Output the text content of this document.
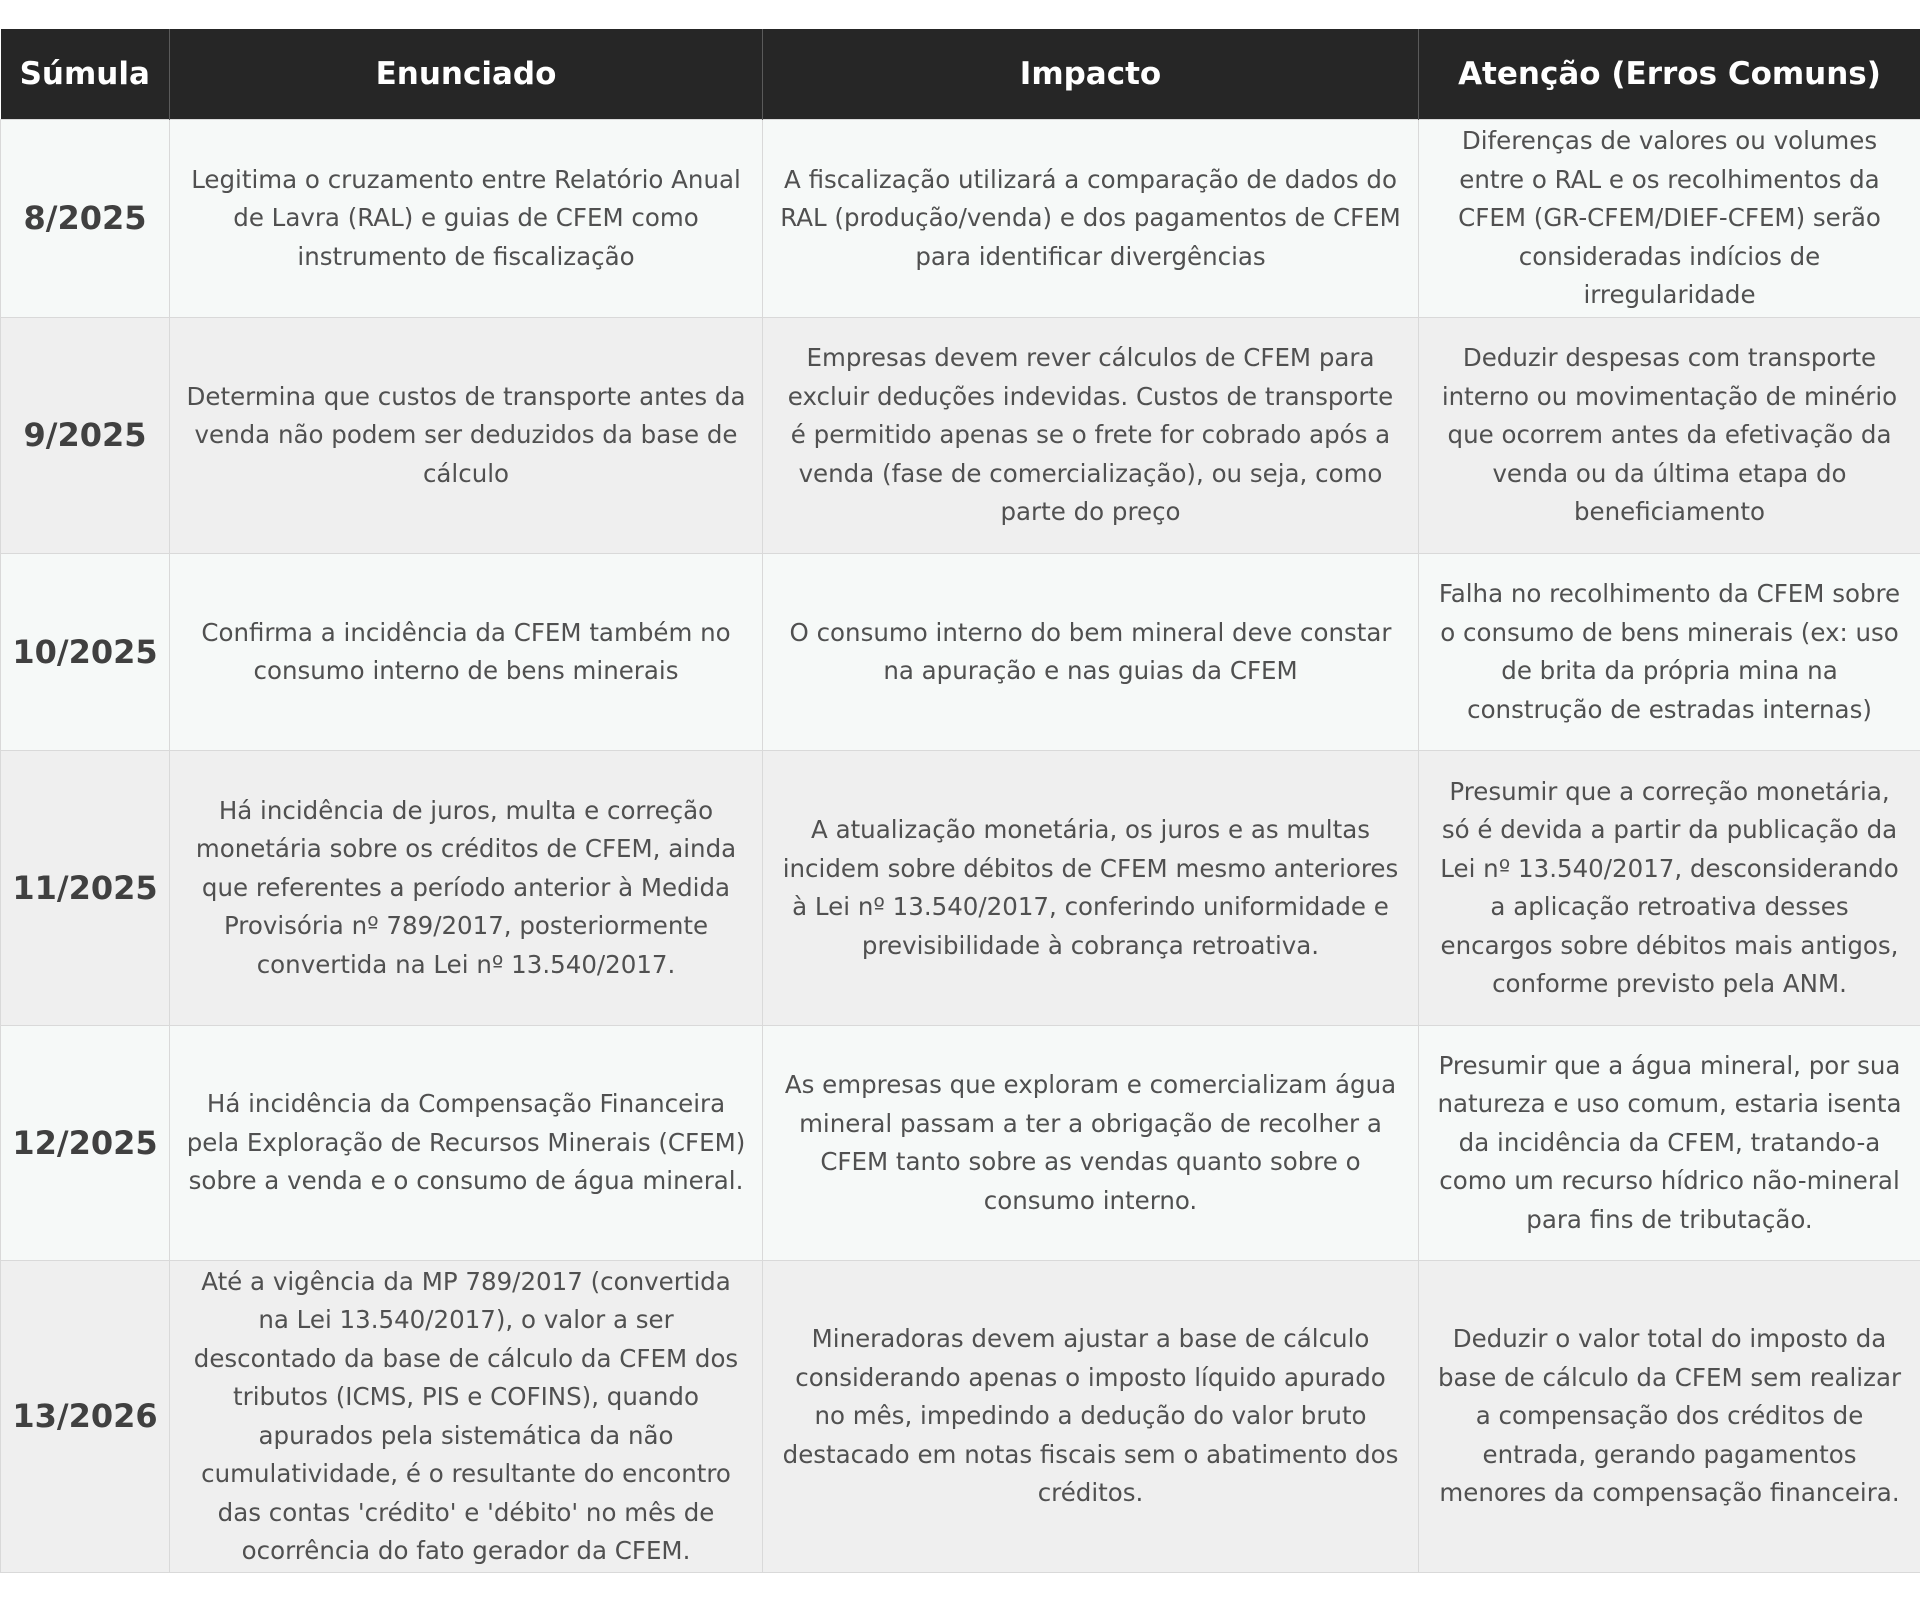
Súmula	Enunciado	Impacto	Atenção (Erros Comuns)
8/2025	Legitima o cruzamento entre Relatório Anual de Lavra (RAL) e guias de CFEM como instrumento de fiscalização	A fiscalização utilizará a comparação de dados do RAL (produção/venda) e dos pagamentos de CFEM para identificar divergências	Diferenças de valores ou volumes entre o RAL e os recolhimentos da CFEM (GR-CFEM/DIEF-CFEM) serão consideradas indícios de irregularidade
9/2025	Determina que custos de transporte antes da venda não podem ser deduzidos da base de cálculo	Empresas devem rever cálculos de CFEM para excluir deduções indevidas. Custos de transporte é permitido apenas se o frete for cobrado após a venda (fase de comercialização), ou seja, como parte do preço	Deduzir despesas com transporte interno ou movimentação de minério que ocorrem antes da efetivação da venda ou da última etapa do beneficiamento
10/2025	Confirma a incidência da CFEM também no consumo interno de bens minerais	O consumo interno do bem mineral deve constar na apuração e nas guias da CFEM	Falha no recolhimento da CFEM sobre o consumo de bens minerais (ex: uso de brita da própria mina na construção de estradas internas)
11/2025	Há incidência de juros, multa e correção monetária sobre os créditos de CFEM, ainda que referentes a período anterior à Medida Provisória nº 789/2017, posteriormente convertida na Lei nº 13.540/2017.	A atualização monetária, os juros e as multas incidem sobre débitos de CFEM mesmo anteriores à Lei nº 13.540/2017, conferindo uniformidade e previsibilidade à cobrança retroativa.	Presumir que a correção monetária, só é devida a partir da publicação da Lei nº 13.540/2017, desconsiderando a aplicação retroativa desses encargos sobre débitos mais antigos, conforme previsto pela ANM.
12/2025	Há incidência da Compensação Financeira pela Exploração de Recursos Minerais (CFEM) sobre a venda e o consumo de água mineral.	As empresas que exploram e comercializam água mineral passam a ter a obrigação de recolher a CFEM tanto sobre as vendas quanto sobre o consumo interno.	Presumir que a água mineral, por sua natureza e uso comum, estaria isenta da incidência da CFEM, tratando-a como um recurso hídrico não-mineral para fins de tributação.
13/2026	Até a vigência da MP 789/2017 (convertida na Lei 13.540/2017), o valor a ser descontado da base de cálculo da CFEM dos tributos (ICMS, PIS e COFINS), quando apurados pela sistemática da não cumulatividade, é o resultante do encontro das contas 'crédito' e 'débito' no mês de ocorrência do fato gerador da CFEM.	Mineradoras devem ajustar a base de cálculo considerando apenas o imposto líquido apurado no mês, impedindo a dedução do valor bruto destacado em notas fiscais sem o abatimento dos créditos.	Deduzir o valor total do imposto da base de cálculo da CFEM sem realizar a compensação dos créditos de entrada, gerando pagamentos menores da compensação financeira.
